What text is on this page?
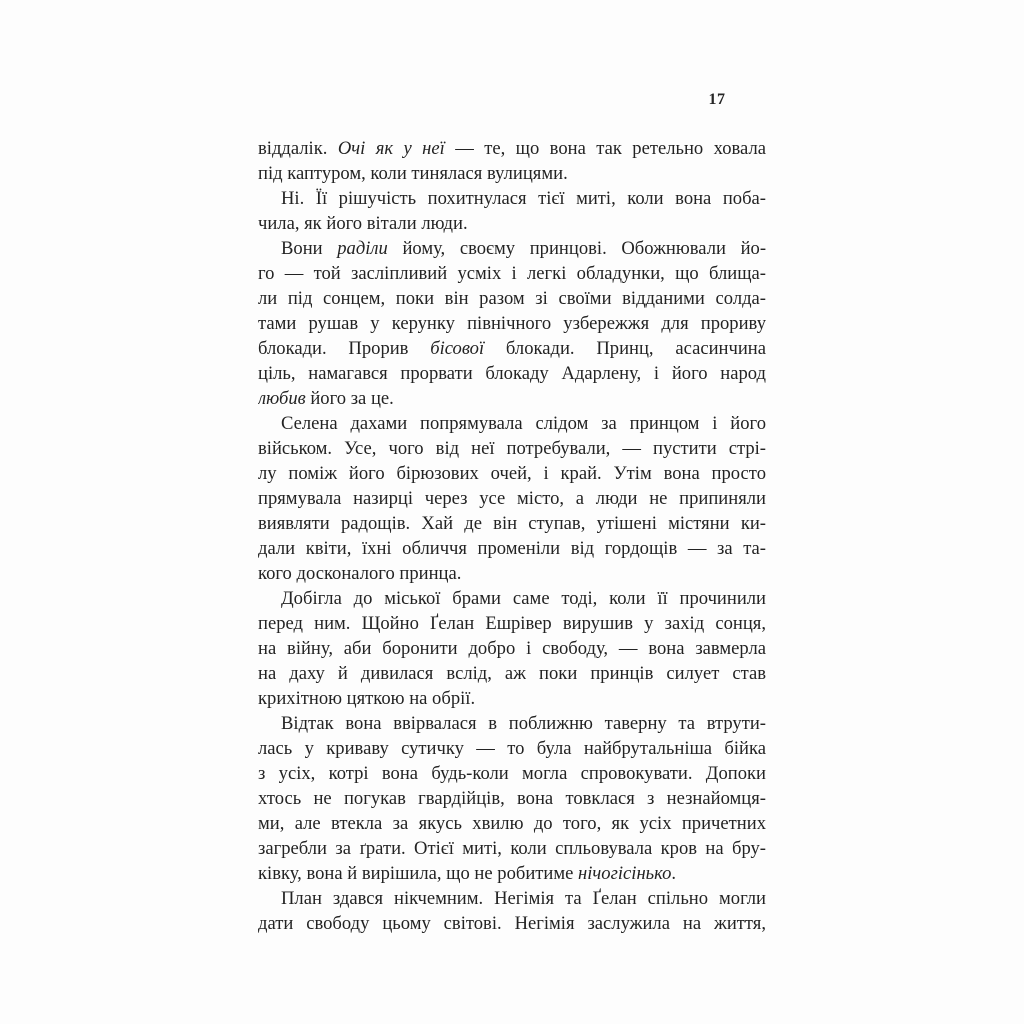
17
віддалік. Очі як у неї — те, що вона так ретельно ховала
під каптуром, коли тинялася вулицями.
Ні. Її рішучість похитнулася тієї миті, коли вона поба-
чила, як його вітали люди.
Вони раділи йому, своєму принцові. Обожнювали йо-
го — той засліпливий усміх і легкі обладунки, що блища-
ли під сонцем, поки він разом зі своїми відданими солда-
тами рушав у керунку північного узбережжя для прориву
блокади. Прорив бісової блокади. Принц, асасинчина
ціль, намагався прорвати блокаду Адарлену, і його народ
любив його за це.
Селена дахами попрямувала слідом за принцом і його
військом. Усе, чого від неї потребували, — пустити стрі-
лу поміж його бірюзових очей, і край. Утім вона просто
прямувала назирці через усе місто, а люди не припиняли
виявляти радощів. Хай де він ступав, утішені містяни ки-
дали квіти, їхні обличчя променіли від гордощів — за та-
кого досконалого принца.
Добігла до міської брами саме тоді, коли її прочинили
перед ним. Щойно Ґелан Ешрівер вирушив у захід сонця,
на війну, аби боронити добро і свободу, — вона завмерла
на даху й дивилася вслід, аж поки принців силует став
крихітною цяткою на обрії.
Відтак вона ввірвалася в поближню таверну та втрути-
лась у криваву сутичку — то була найбрутальніша бійка
з усіх, котрі вона будь-коли могла спровокувати. Допоки
хтось не погукав гвардійців, вона товклася з незнайомця-
ми, але втекла за якусь хвилю до того, як усіх причетних
загребли за ґрати. Отієї миті, коли спльовувала кров на бру-
ківку, вона й вирішила, що не робитиме нічогісінько.
План здався нікчемним. Негімія та Ґелан спільно могли
дати свободу цьому світові. Негімія заслужила на життя,
